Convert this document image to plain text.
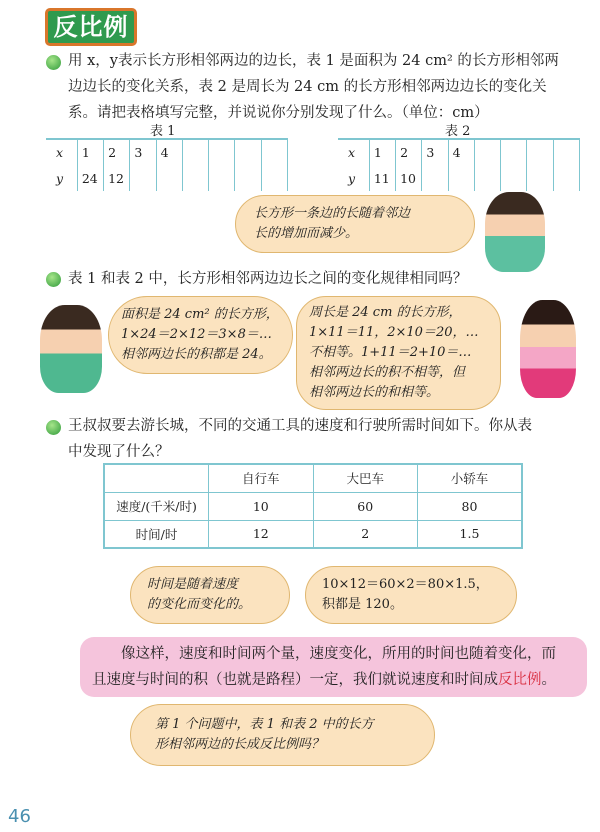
反比例
用 x，y表示长方形相邻两边的边长，表 1 是面积为 24 cm² 的长方形相邻两
边边长的变化关系，表 2 是周长为 24 cm 的长方形相邻两边边长的变化关
系。请把表格填写完整，并说说你分别发现了什么。（单位：cm）
表 1	表 2
x	1	2	3	4				
y	24	12						
x	1	2	3	4				
y	11	10						
长方形一条边的长随着邻边
长的增加而减少。
表 1 和表 2 中，长方形相邻两边边长之间的变化规律相同吗？
面积是 24 cm² 的长方形，
1×24＝2×12＝3×8＝…
相邻两边长的积都是 24。
周长是 24 cm 的长方形，
1×11＝11，2×10＝20，…
不相等。1+11＝2+10＝…
相邻两边长的积不相等，但
相邻两边长的和相等。
王叔叔要去游长城，不同的交通工具的速度和行驶所需时间如下。你从表
中发现了什么？
	自行车	大巴车	小轿车
速度/(千米/时)	10	60	80
时间/时	12	2	1.5
时间是随着速度
的变化而变化的。
10×12＝60×2＝80×1.5，
积都是 120。
像这样，速度和时间两个量，速度变化，所用的时间也随着变化，而
且速度与时间的积（也就是路程）一定，我们就说速度和时间成反比例。
第 1 个问题中，表 1 和表 2 中的长方
形相邻两边的长成反比例吗？
46
